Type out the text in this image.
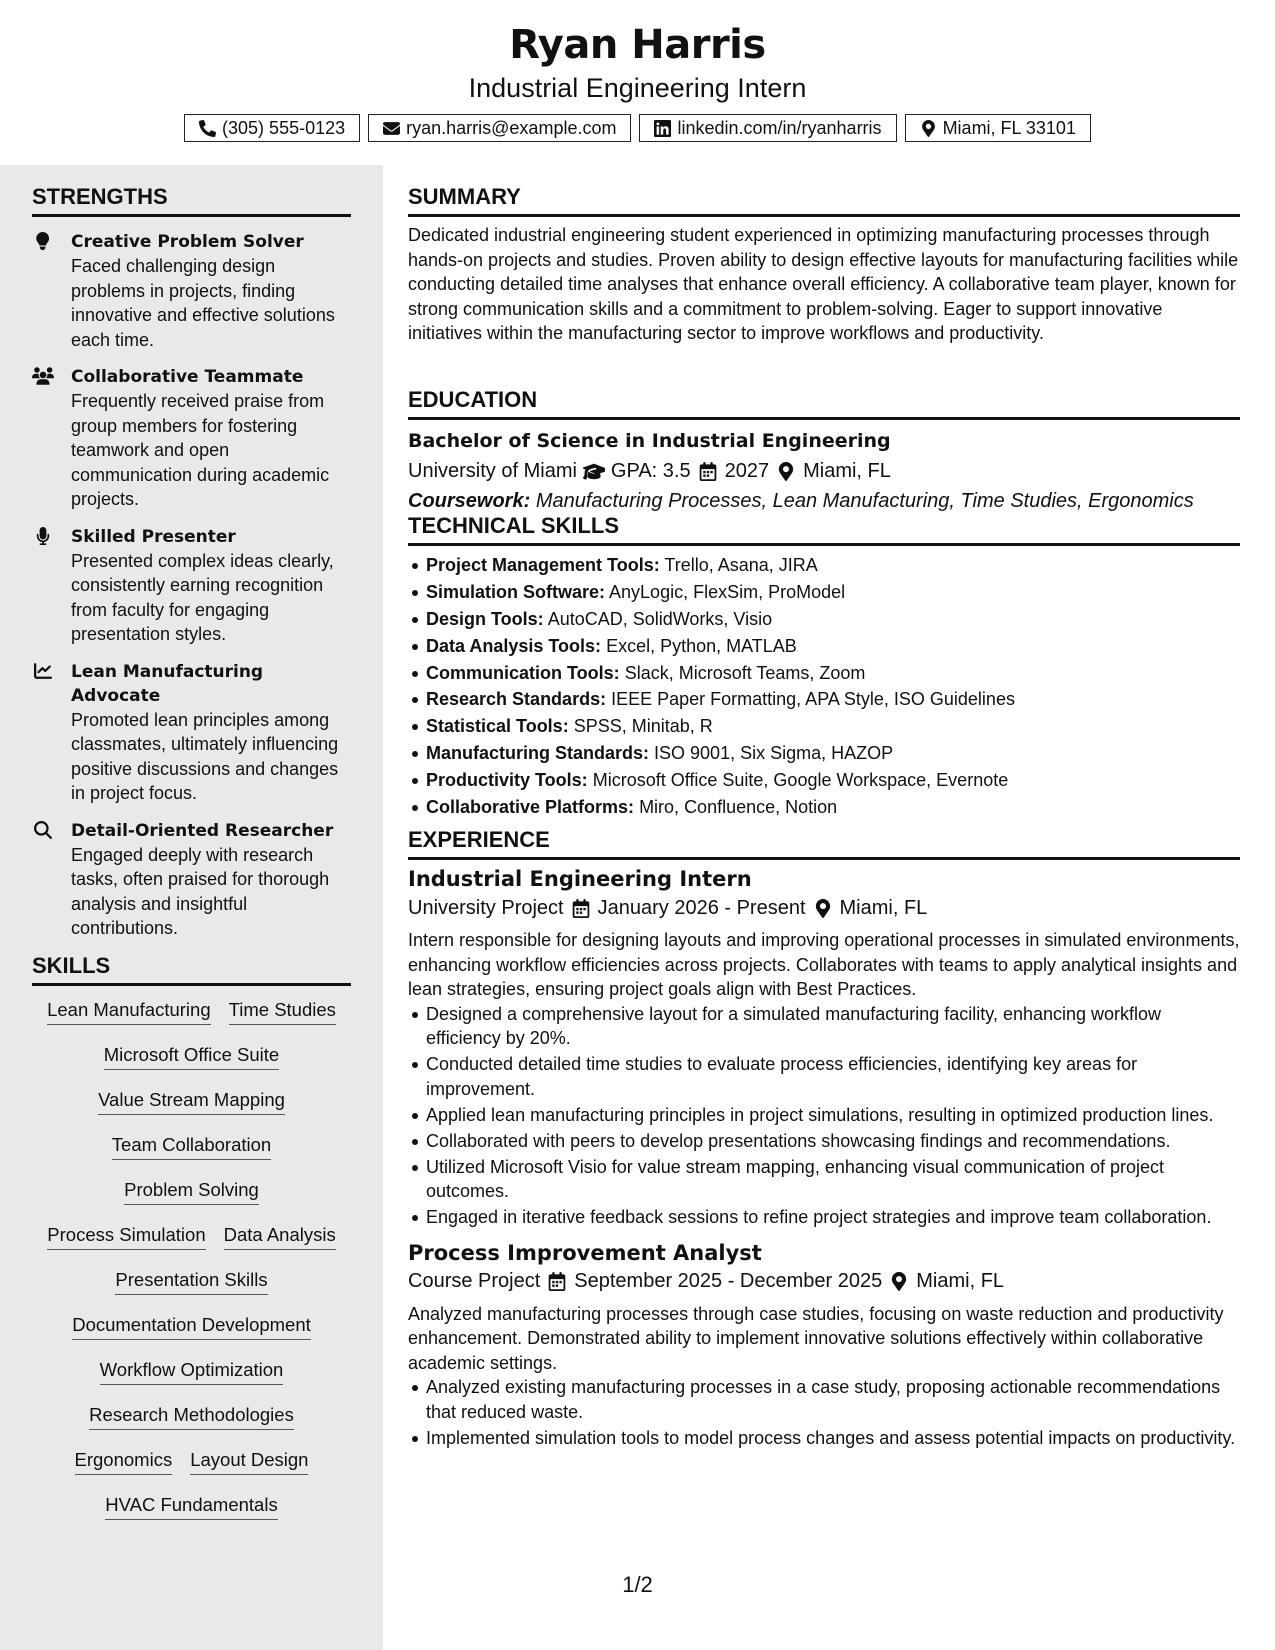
Ryan Harris
Industrial Engineering Intern
(305) 555-0123	ryan.harris@example.com	linkedin.com/in/ryanharris	Miami, FL 33101
STRENGTHS
Creative Problem Solver
Faced challenging design problems in projects, finding innovative and effective solutions each time.
Collaborative Teammate
Frequently received praise from group members for fostering teamwork and open communication during academic projects.
Skilled Presenter
Presented complex ideas clearly, consistently earning recognition from faculty for engaging presentation styles.
Lean Manufacturing Advocate
Promoted lean principles among classmates, ultimately influencing positive discussions and changes in project focus.
Detail-Oriented Researcher
Engaged deeply with research tasks, often praised for thorough analysis and insightful contributions.
SKILLS
Lean Manufacturing Time Studies
Microsoft Office Suite
Value Stream Mapping
Team Collaboration
Problem Solving
Process Simulation Data Analysis
Presentation Skills
Documentation Development
Workflow Optimization
Research Methodologies
Ergonomics Layout Design
HVAC Fundamentals
SUMMARY

Dedicated industrial engineering student experienced in optimizing manufacturing processes through hands-on projects and studies. Proven ability to design effective layouts for manufacturing facilities while conducting detailed time analyses that enhance overall efficiency. A collaborative team player, known for strong communication skills and a commitment to problem-solving. Eager to support innovative initiatives within the manufacturing sector to improve workflows and productivity.

EDUCATION
Bachelor of Science in Industrial Engineering
University of Miami GPA: 3.5 2027 Miami, FL
Coursework: Manufacturing Processes, Lean Manufacturing, Time Studies, Ergonomics
TECHNICAL SKILLS
Project Management Tools: Trello, Asana, JIRA
Simulation Software: AnyLogic, FlexSim, ProModel
Design Tools: AutoCAD, SolidWorks, Visio
Data Analysis Tools: Excel, Python, MATLAB
Communication Tools: Slack, Microsoft Teams, Zoom
Research Standards: IEEE Paper Formatting, APA Style, ISO Guidelines
Statistical Tools: SPSS, Minitab, R
Manufacturing Standards: ISO 9001, Six Sigma, HAZOP
Productivity Tools: Microsoft Office Suite, Google Workspace, Evernote
Collaborative Platforms: Miro, Confluence, Notion
EXPERIENCE
Industrial Engineering Intern
University Project January 2026 - Present Miami, FL

Intern responsible for designing layouts and improving operational processes in simulated environments, enhancing workflow efficiencies across projects. Collaborates with teams to apply analytical insights and lean strategies, ensuring project goals align with Best Practices.

Designed a comprehensive layout for a simulated manufacturing facility, enhancing workflow efficiency by 20%.
Conducted detailed time studies to evaluate process efficiencies, identifying key areas for improvement.
Applied lean manufacturing principles in project simulations, resulting in optimized production lines.
Collaborated with peers to develop presentations showcasing findings and recommendations.
Utilized Microsoft Visio for value stream mapping, enhancing visual communication of project outcomes.
Engaged in iterative feedback sessions to refine project strategies and improve team collaboration.
Process Improvement Analyst
Course Project September 2025 - December 2025 Miami, FL

Analyzed manufacturing processes through case studies, focusing on waste reduction and productivity enhancement. Demonstrated ability to implement innovative solutions effectively within collaborative academic settings.

Analyzed existing manufacturing processes in a case study, proposing actionable recommendations that reduced waste.
Implemented simulation tools to model process changes and assess potential impacts on productivity.
1/2
